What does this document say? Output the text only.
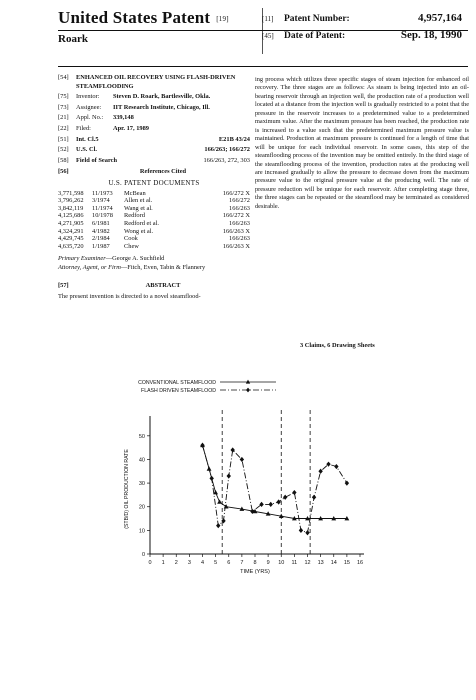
United States Patent [19]
Roark
[11]	Patent Number:	4,957,164
[45]	Date of Patent:	Sep. 18, 1990
[54]	ENHANCED OIL RECOVERY USING FLASH-DRIVEN STEAMFLOODING
[75]	Inventor:	Steven D. Roark, Bartlesville, Okla.
[73]	Assignee:	IIT Research Institute, Chicago, Ill.
[21]	Appl. No.:	339,148
[22]	Filed:	Apr. 17, 1989
[51]	Int. Cl.5	E21B 43/24
[52]	U.S. Cl.	166/263; 166/272
[58]	Field of Search	166/263, 272, 303
[56]	References Cited
U.S. PATENT DOCUMENTS
3,771,598	11/1973	McBean	166/272 X
3,796,262	3/1974	Allen et al.	166/272
3,842,119	11/1974	Wang et al.	166/263
4,125,686	10/1978	Redford	166/272 X
4,271,905	6/1981	Redford et al.	166/263
4,324,291	4/1982	Wong et al.	166/263 X
4,429,745	2/1984	Cook	166/263
4,635,720	1/1987	Chew	166/263 X
Primary Examiner—George A. Suchfield
Attorney, Agent, or Firm—Fitch, Even, Tabin & Flannery
[57]	ABSTRACT
The present invention is directed to a novel steamflood-
ing process which utilizes three specific stages of steam injection for enhanced oil recovery. The three stages are as follows: As steam is being injected into an oil-bearing reservoir through an injection well, the production rate of a production well located at a distance from the injection well is gradually restricted to a point that the pressure in the reservoir increases to a predetermined value to a predetermined maximum value. After the maximum pressure has been reached, the production rate is increased to a value such that the predetermined maximum pressure value is maintained. Production at maximum pressure is continued for a length of time that will be unique for each individual reservoir. In some cases, this step of the steamflooding process of the invention may be omitted entirely. In the third stage of the steamflooding process of the invention, production rates at the producing well are increased gradually to allow the pressure to decrease down from the maximum pressure value to the original pressure value at the producing well. The rate of pressure reduction will be unique for each reservoir. After completing stage three, the three stages can be repeated or the steamflood may be terminated as considered desirable.
3 Claims, 6 Drawing Sheets
0 1 2 3 4 5 6 7 8 9 10 11 12 13 14 15 16
0
10
20
30
40
50
TIME (YRS)
(STB/D) OIL PRODUCTION RATE
CONVENTIONAL STEAMFLOOD
FLASH DRIVEN STEAMFLOOD
